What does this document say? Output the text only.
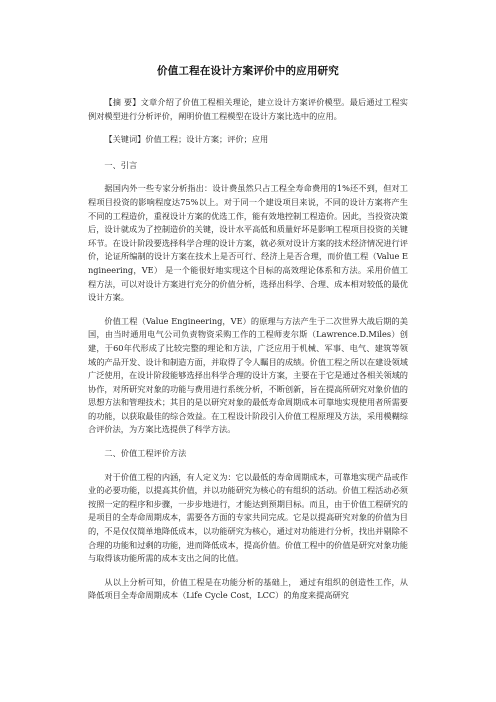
价值工程在设计方案评价中的应用研究

【摘 要】文章介绍了价值工程相关理论，建立设计方案评价模型。最后通过工程实例对模型进行分析评价，阐明价值工程模型在设计方案比选中的应用。

【关键词】价值工程；设计方案；评价；应用

一、引言

据国内外一些专家分析指出：设计费虽然只占工程全寿命费用的1%还不到，但对工程项目投资的影响程度达75%以上。对于同一个建设项目来说，不同的设计方案将产生不同的工程造价，重视设计方案的优选工作，能有效地控制工程造价。因此，当投资决策后，设计就成为了控制造价的关键，设计水平高低和质量好坏是影响工程项目投资的关键环节。在设计阶段要选择科学合理的设计方案，就必须对设计方案的技术经济情况进行评价，论证所编制的设计方案在技术上是否可行、经济上是否合理，而价值工程（Value Engineering，VE） 是一个能很好地实现这个目标的高效理论体系和方法。采用价值工程方法，可以对设计方案进行充分的价值分析，选择出科学、合理、成本相对较低的最优设计方案。

价值工程（Value Engineering，VE）的原理与方法产生于二次世界大战后期的美国，由当时通用电气公司负责物资采购工作的工程师麦尔斯（Lawrence.D.Miles）创建，于60年代形成了比较完整的理论和方法，广泛应用于机械、军事、电气、建筑等领域的产品开发、设计和制造方面，并取得了令人瞩目的成绩。价值工程之所以在建设领域广泛使用，在设计阶段能够选择出科学合理的设计方案，主要在于它是通过各相关领域的协作，对所研究对象的功能与费用进行系统分析，不断创新，旨在提高所研究对象价值的思想方法和管理技术；其目的是以研究对象的最低寿命周期成本可靠地实现使用者所需要的功能，以获取最佳的综合效益。在工程设计阶段引入价值工程原理及方法，采用模糊综合评价法，为方案比选提供了科学方法。

二、价值工程评价方法

对于价值工程的内涵，有人定义为：它以最低的寿命周期成本，可靠地实现产品或作业的必要功能，以提高其价值，并以功能研究为核心的有组织的活动。价值工程活动必须按照一定的程序和步骤，一步步地进行，才能达到预期目标。而且，由于价值工程研究的是项目的全寿命周期成本，需要各方面的专家共同完成。它是以提高研究对象的价值为目的，不是仅仅简单地降低成本，以功能研究为核心，通过对功能进行分析，找出并剔除不合理的功能和过剩的功能，进而降低成本，提高价值。价值工程中的价值是研究对象功能与取得该功能所需的成本支出之间的比值。

从以上分析可知，价值工程是在功能分析的基础上， 通过有组织的创造性工作，从降低项目全寿命周期成本（Life Cycle Cost，LCC）的角度来提高研究
